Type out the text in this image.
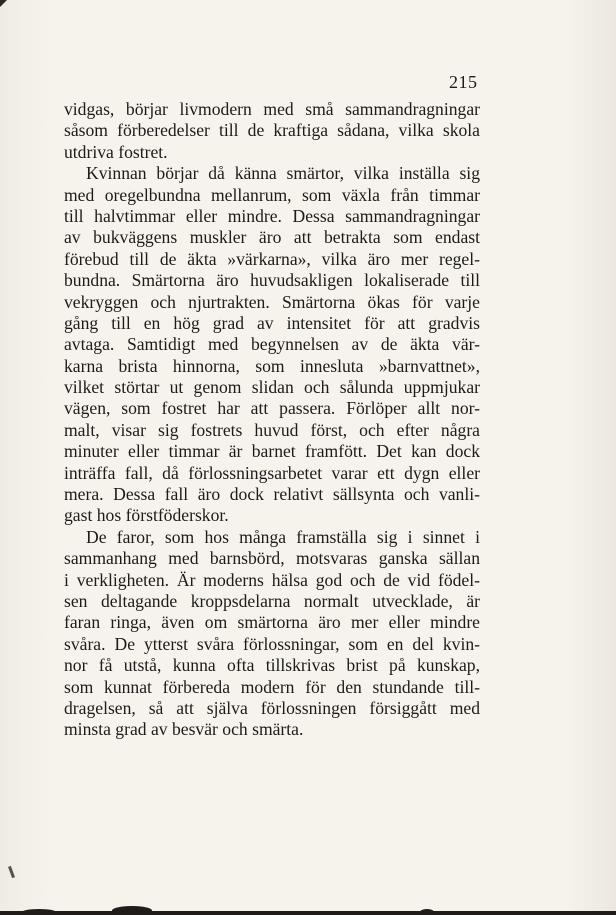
215
vidgas, börjar livmodern med små sammandragningar
såsom förberedelser till de kraftiga sådana, vilka skola
utdriva fostret.
Kvinnan börjar då känna smärtor, vilka inställa sig
med oregelbundna mellanrum, som växla från timmar
till halvtimmar eller mindre. Dessa sammandragningar
av bukväggens muskler äro att betrakta som endast
förebud till de äkta »värkarna», vilka äro mer regel-
bundna. Smärtorna äro huvudsakligen lokaliserade till
vekryggen och njurtrakten. Smärtorna ökas för varje
gång till en hög grad av intensitet för att gradvis
avtaga. Samtidigt med begynnelsen av de äkta vär-
karna brista hinnorna, som innesluta »barnvattnet»,
vilket störtar ut genom slidan och sålunda uppmjukar
vägen, som fostret har att passera. Förlöper allt nor-
malt, visar sig fostrets huvud först, och efter några
minuter eller timmar är barnet framfött. Det kan dock
inträffa fall, då förlossningsarbetet varar ett dygn eller
mera. Dessa fall äro dock relativt sällsynta och vanli-
gast hos förstföderskor.
De faror, som hos många framställa sig i sinnet i
sammanhang med barnsbörd, motsvaras ganska sällan
i verkligheten. Är moderns hälsa god och de vid födel-
sen deltagande kroppsdelarna normalt utvecklade, är
faran ringa, även om smärtorna äro mer eller mindre
svåra. De ytterst svåra förlossningar, som en del kvin-
nor få utstå, kunna ofta tillskrivas brist på kunskap,
som kunnat förbereda modern för den stundande till-
dragelsen, så att själva förlossningen försiggått med
minsta grad av besvär och smärta.
